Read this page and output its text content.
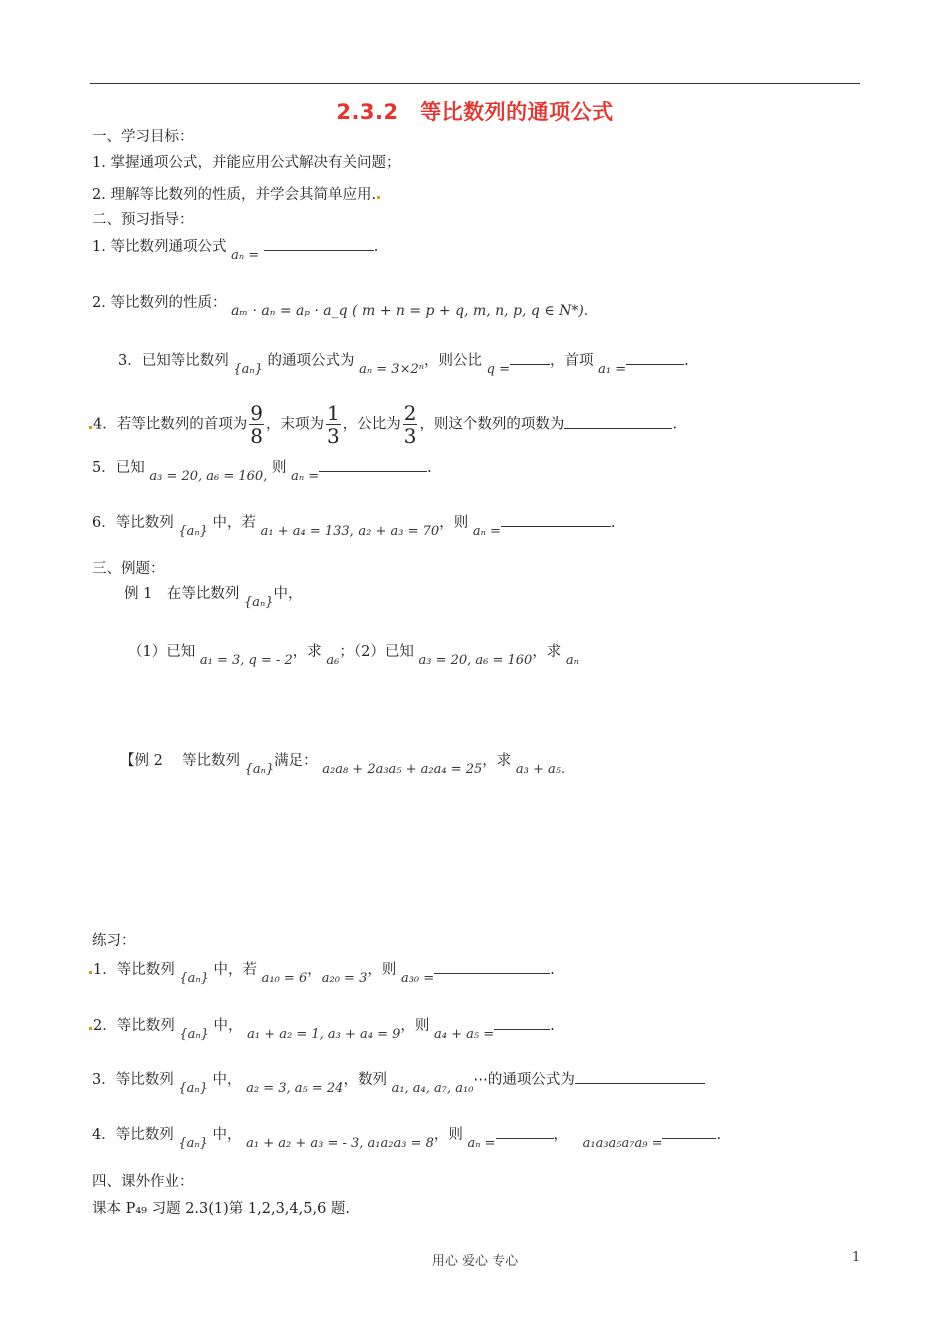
2.3.2　等比数列的通项公式
一、学习目标：
1. 掌握通项公式，并能应用公式解决有关问题；
2. 理解等比数列的性质，并学会其简单应用.
二、预习指导：
1. 等比数列通项公式 aₙ = .
2. 等比数列的性质： aₘ · aₙ = aₚ · a_q ( m + n = p + q, m, n, p, q ∈ N*).
3．已知等比数列 {aₙ} 的通项公式为 aₙ = 3×2ⁿ，则公比 q =，首项 a₁ =.
4．若等比数列的首项为 $\frac{9}{8}$ ，末项为 $\frac{1}{3}$ ，公比为 $\frac{2}{3}$ ，则这个数列的项数为	.
5．已知 a₃ = 20, a₆ = 160, 则 aₙ =.
6．等比数列 {aₙ} 中，若 a₁ + a₄ = 133, a₂ + a₃ = 70，则 aₙ =.
三、例题：
例 1　在等比数列 {aₙ}中，
（1）已知 a₁ = 3, q = - 2，求 a₆；（2）已知 a₃ = 20, a₆ = 160，求 aₙ
【例 2　 等比数列 {aₙ}满足： a₂a₈ + 2a₃a₅ + a₂a₄ = 25，求 a₃ + a₅.
练习：
1．等比数列 {aₙ} 中，若 a₁₀ = 6，a₂₀ = 3，则 a₃₀ =.
2．等比数列 {aₙ} 中， a₁ + a₂ = 1, a₃ + a₄ = 9，则 a₄ + a₅ =.
3．等比数列 {aₙ} 中， a₂ = 3, a₅ = 24，数列 a₁, a₄, a₇, a₁₀⋯的通项公式为
4．等比数列 {aₙ} 中， a₁ + a₂ + a₃ = - 3, a₁a₂a₃ = 8，则 aₙ =， a₁a₃a₅a₇a₉ =.
四、课外作业：
课本 P₄₉ 习题 2.3(1)第 1,2,3,4,5,6 题.
用心 爱心 专心	1
